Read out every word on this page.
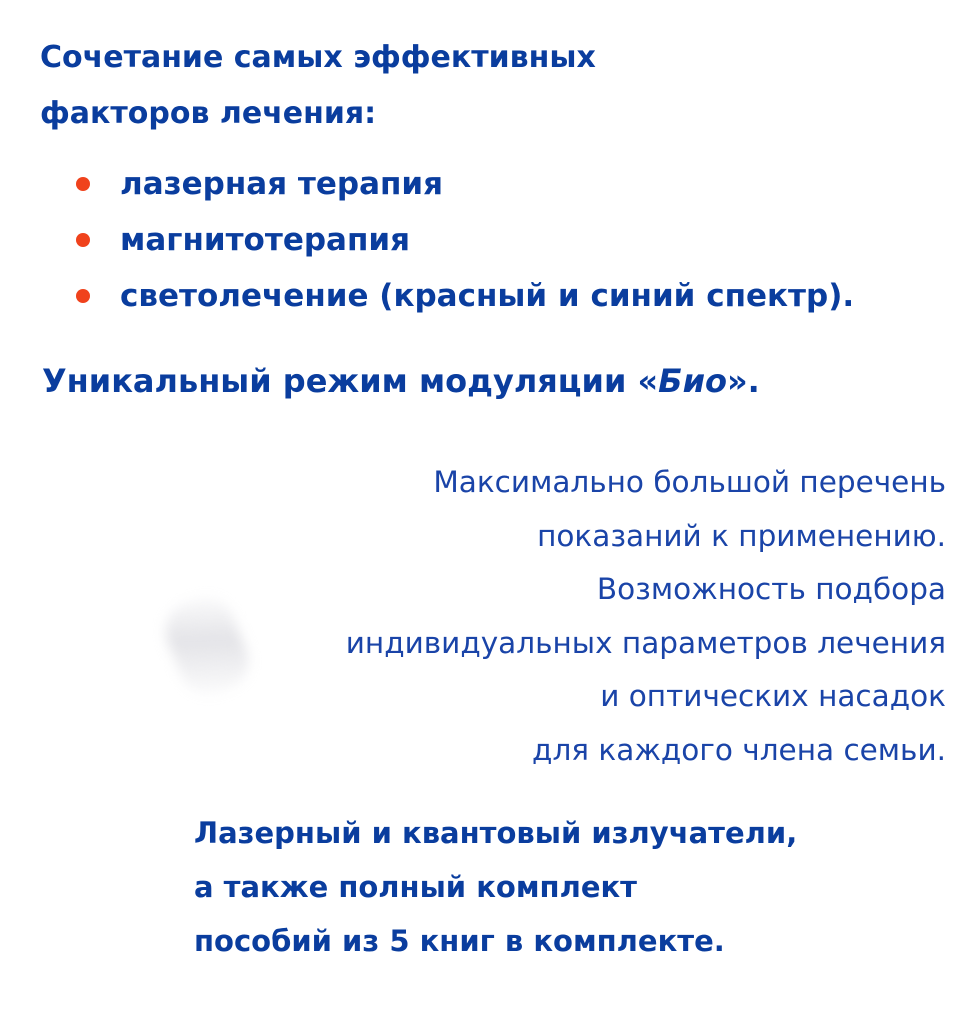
Сочетание самых эффективных
факторов лечения:
лазерная терапия
магнитотерапия
светолечение (красный и синий спектр).

Уникальный режим модуляции «Био».

Максимально большой перечень
показаний к применению.
Возможность подбора
индивидуальных параметров лечения
и оптических насадок
для каждого члена семьи.

Лазерный и квантовый излучатели,
а также полный комплект
пособий из 5 книг в комплекте.
